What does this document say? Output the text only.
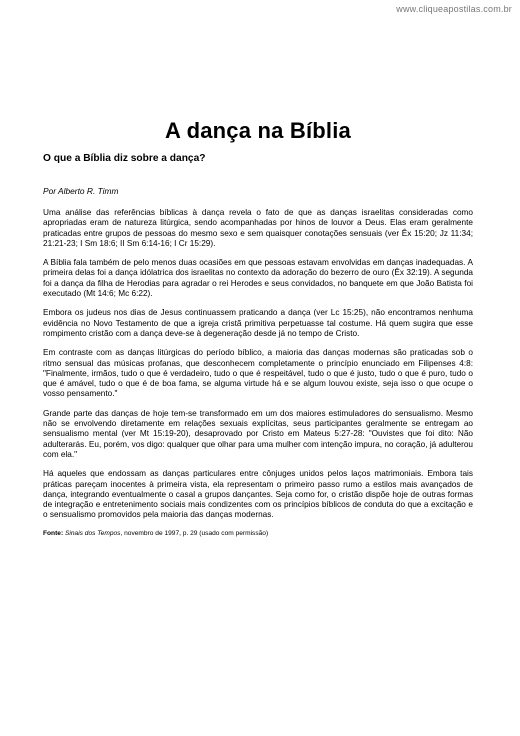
www.cliqueapostilas.com.br
A dança na Bíblia
O que a Bíblia diz sobre a dança?
Por Alberto R. Timm

Uma análise das referências bíblicas à dança revela o fato de que as danças israelitas consideradas como apropriadas eram de natureza litúrgica, sendo acompanhadas por hinos de louvor a Deus. Elas eram geralmente praticadas entre grupos de pessoas do mesmo sexo e sem quaisquer conotações sensuais (ver Êx 15:20; Jz 11:34; 21:21-23; I Sm 18:6; II Sm 6:14-16; I Cr 15:29).

A Bíblia fala também de pelo menos duas ocasiões em que pessoas estavam envolvidas em danças inadequadas. A primeira delas foi a dança idólatrica dos israelitas no contexto da adoração do bezerro de ouro (Êx 32:19). A segunda foi a dança da filha de Herodias para agradar o rei Herodes e seus convidados, no banquete em que João Batista foi executado (Mt 14:6; Mc 6:22).

Embora os judeus nos dias de Jesus continuassem praticando a dança (ver Lc 15:25), não encontramos nenhuma evidência no Novo Testamento de que a igreja cristã primitiva perpetuasse tal costume. Há quem sugira que esse rompimento cristão com a dança deve-se à degeneração desde já no tempo de Cristo.

Em contraste com as danças litúrgicas do período bíblico, a maioria das danças modernas são praticadas sob o ritmo sensual das músicas profanas, que desconhecem completamente o princípio enunciado em Filipenses 4:8: "Finalmente, irmãos, tudo o que é verdadeiro, tudo o que é respeitável, tudo o que é justo, tudo o que é puro, tudo o que é amável, tudo o que é de boa fama, se alguma virtude há e se algum louvou existe, seja isso o que ocupe o vosso pensamento."

Grande parte das danças de hoje tem-se transformado em um dos maiores estimuladores do sensualismo. Mesmo não se envolvendo diretamente em relações sexuais explícitas, seus participantes geralmente se entregam ao sensualismo mental (ver Mt 15:19-20), desaprovado por Cristo em Mateus 5:27-28: "Ouvistes que foi dito: Não adulterarás. Eu, porém, vos digo: qualquer que olhar para uma mulher com intenção impura, no coração, já adulterou com ela."

Há aqueles que endossam as danças particulares entre cônjuges unidos pelos laços matrimoniais. Embora tais práticas pareçam inocentes à primeira vista, ela representam o primeiro passo rumo a estilos mais avançados de dança, integrando eventualmente o casal a grupos dançantes. Seja como for, o cristão dispõe hoje de outras formas de integração e entretenimento sociais mais condizentes com os princípios bíblicos de conduta do que a excitação e o sensualismo promovidos pela maioria das danças modernas.

Fonte: Sinais dos Tempos, novembro de 1997, p. 29 (usado com permissão)
